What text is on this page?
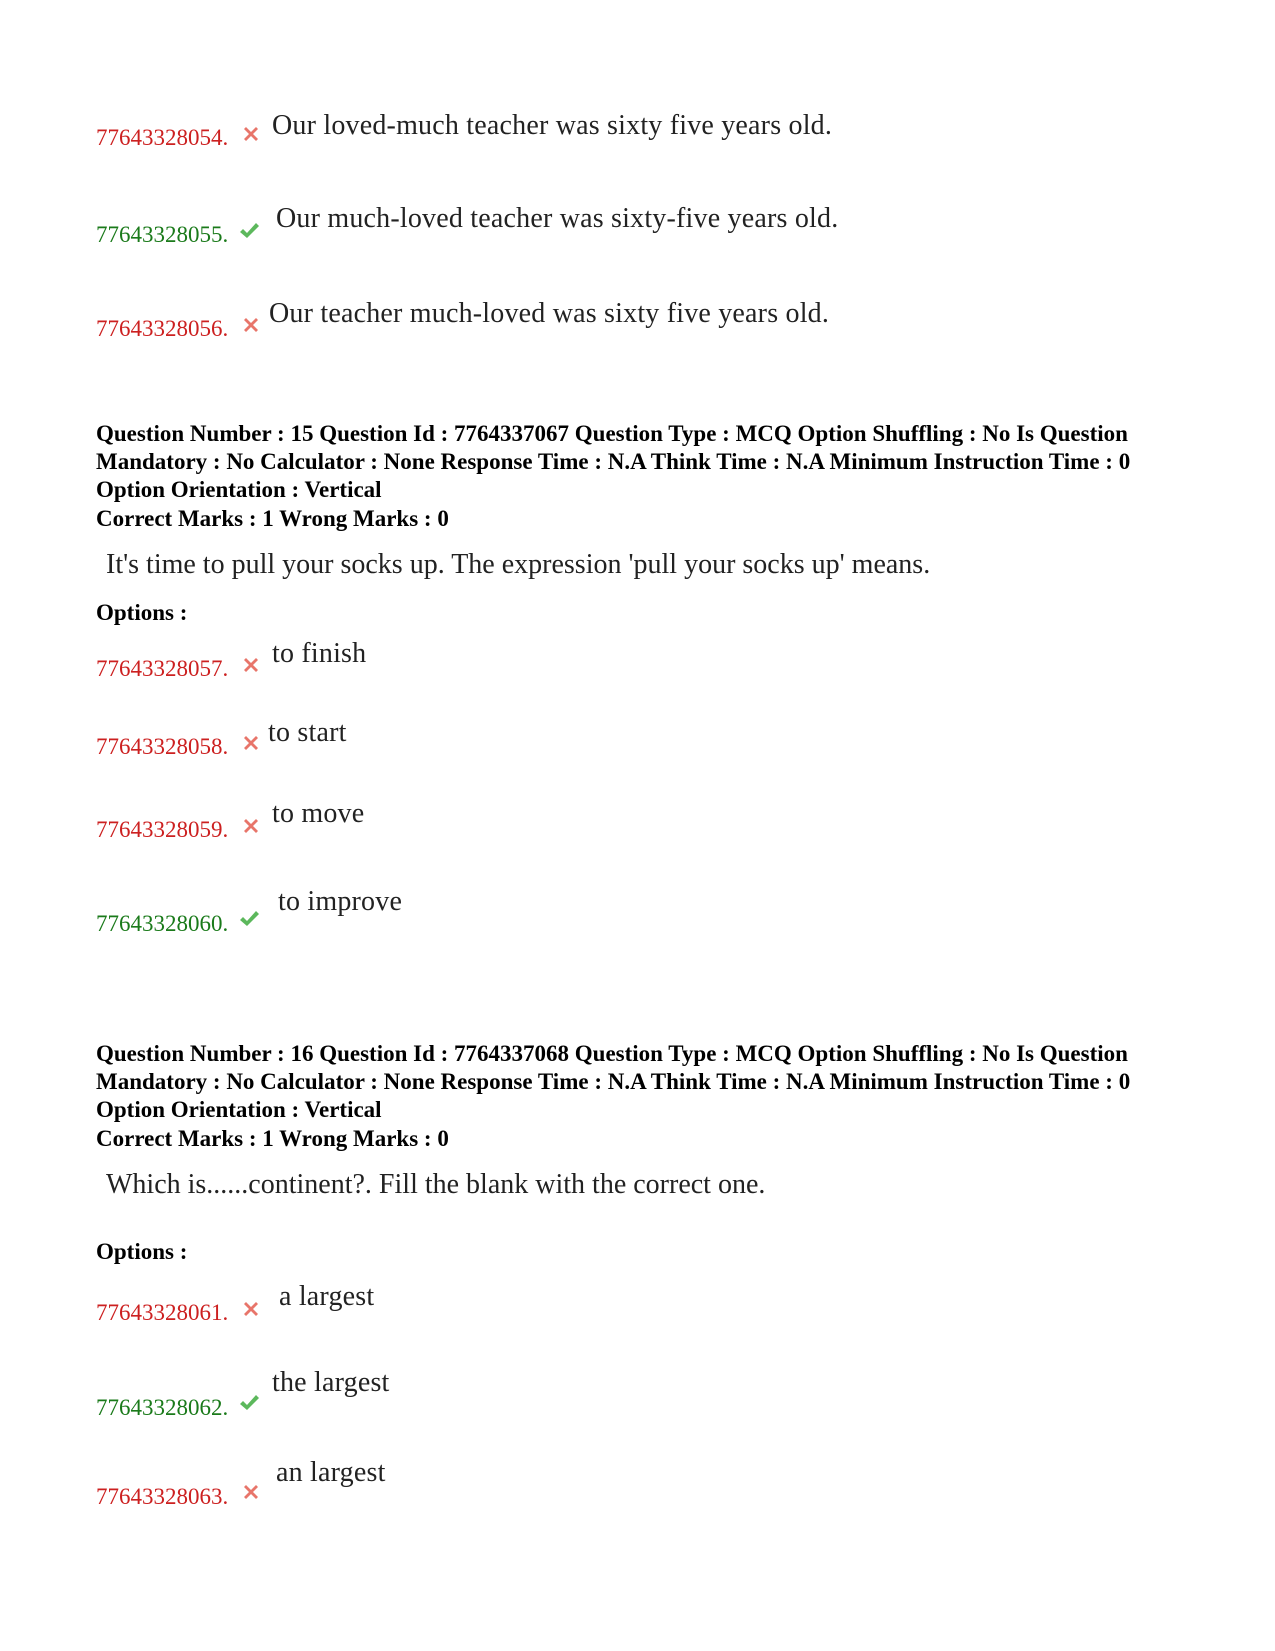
77643328054. Our loved-much teacher was sixty five years old.
77643328055.
Our much-loved teacher was sixty-five years old.
77643328056. Our teacher much-loved was sixty five years old.
Question Number : 15 Question Id : 7764337067 Question Type : MCQ Option Shuffling : No Is Question Mandatory : No Calculator : None Response Time : N.A Think Time : N.A Minimum Instruction Time : 0 Option Orientation : Vertical
Correct Marks : 1 Wrong Marks : 0
It's time to pull your socks up. The expression 'pull your socks up' means.
Options :
77643328057. to finish
77643328058. to start
77643328059.
to move
77643328060.
to improve
Question Number : 16 Question Id : 7764337068 Question Type : MCQ Option Shuffling : No Is Question Mandatory : No Calculator : None Response Time : N.A Think Time : N.A Minimum Instruction Time : 0 Option Orientation : Vertical
Correct Marks : 1 Wrong Marks : 0
Which is......continent?. Fill the blank with the correct one.
Options :
77643328061.
a largest
77643328062.
the largest
77643328063.
an largest
